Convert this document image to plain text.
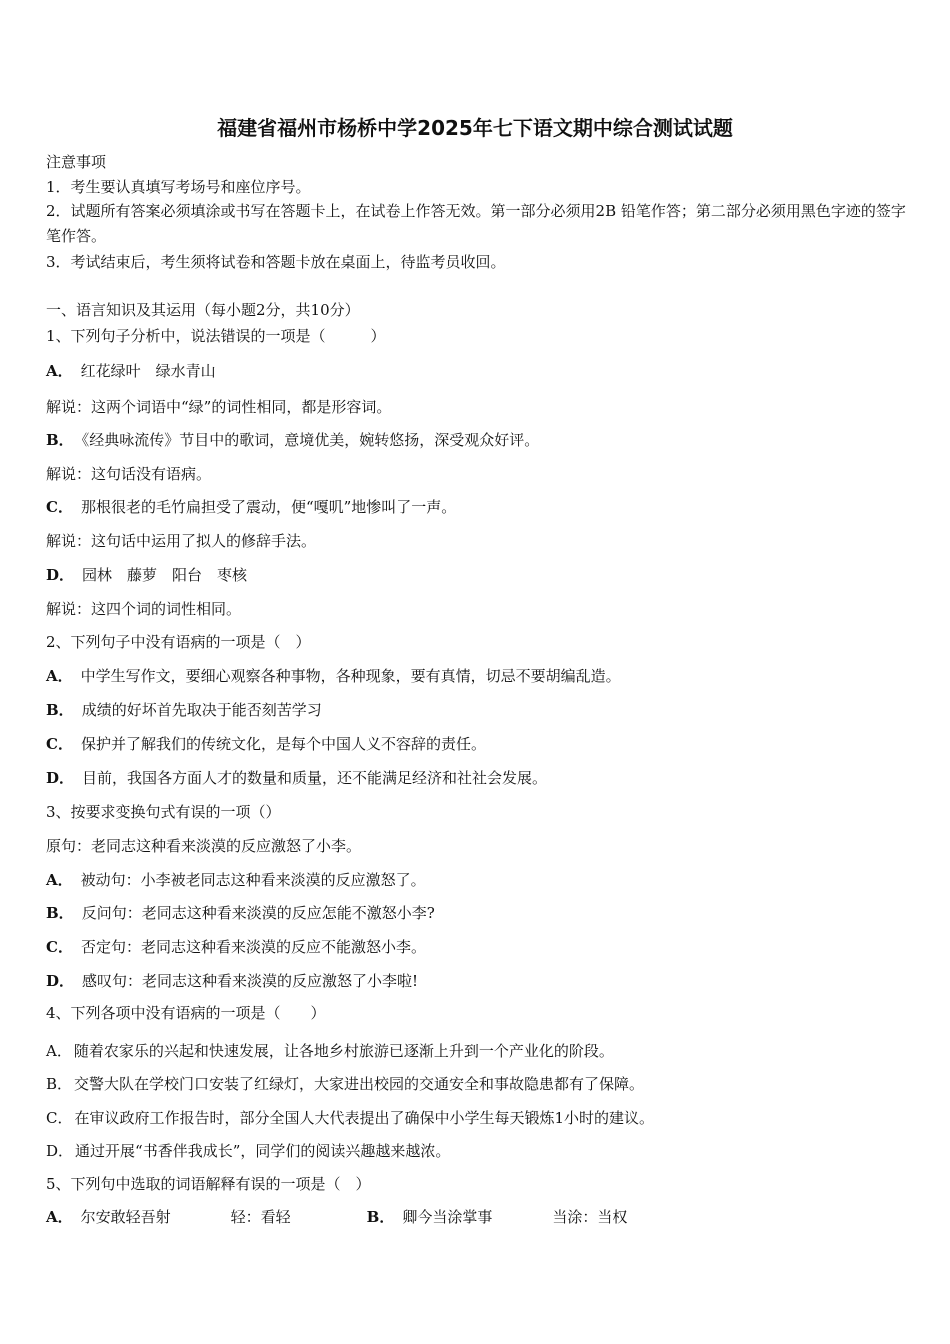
福建省福州市杨桥中学2025年七下语文期中综合测试试题
注意事项
1．考生要认真填写考场号和座位序号。
2．试题所有答案必须填涂或书写在答题卡上，在试卷上作答无效。第一部分必须用2B 铅笔作答；第二部分必须用黑色字迹的签字笔作答。
3．考试结束后，考生须将试卷和答题卡放在桌面上，待监考员收回。
一、语言知识及其运用（每小题2分，共10分）
1、下列句子分析中，说法错误的一项是（　　　）
A． 红花绿叶　绿水青山
解说：这两个词语中“绿”的词性相同，都是形容词。
B． 《经典咏流传》节目中的歌词，意境优美，婉转悠扬，深受观众好评。
解说：这句话没有语病。
C． 那根很老的毛竹扁担受了震动，便“嘎叽”地惨叫了一声。
解说：这句话中运用了拟人的修辞手法。
D． 园林　藤萝　阳台　枣核
解说：这四个词的词性相同。
2、下列句子中没有语病的一项是（　）
A． 中学生写作文，要细心观察各种事物，各种现象，要有真情，切忌不要胡编乱造。
B． 成绩的好坏首先取决于能否刻苦学习
C． 保护并了解我们的传统文化，是每个中国人义不容辞的责任。
D． 目前，我国各方面人才的数量和质量，还不能满足经济和社社会发展。
3、按要求变换句式有误的一项（）
原句：老同志这种看来淡漠的反应激怒了小李。
A． 被动句：小李被老同志这种看来淡漠的反应激怒了。
B． 反问句：老同志这种看来淡漠的反应怎能不激怒小李?
C． 否定句：老同志这种看来淡漠的反应不能激怒小李。
D． 感叹句：老同志这种看来淡漠的反应激怒了小李啦!
4、下列各项中没有语病的一项是（　　）
A． 随着农家乐的兴起和快速发展，让各地乡村旅游已逐渐上升到一个产业化的阶段。
B． 交警大队在学校门口安装了红绿灯，大家进出校园的交通安全和事故隐患都有了保障。
C． 在审议政府工作报告时，部分全国人大代表提出了确保中小学生每天锻炼1小时的建议。
D． 通过开展“书香伴我成长”，同学们的阅读兴趣越来越浓。
5、下列句中选取的词语解释有误的一项是（　）
A． 尔安敢轻吾射	轻：看轻	B． 卿今当涂掌事	当涂：当权
